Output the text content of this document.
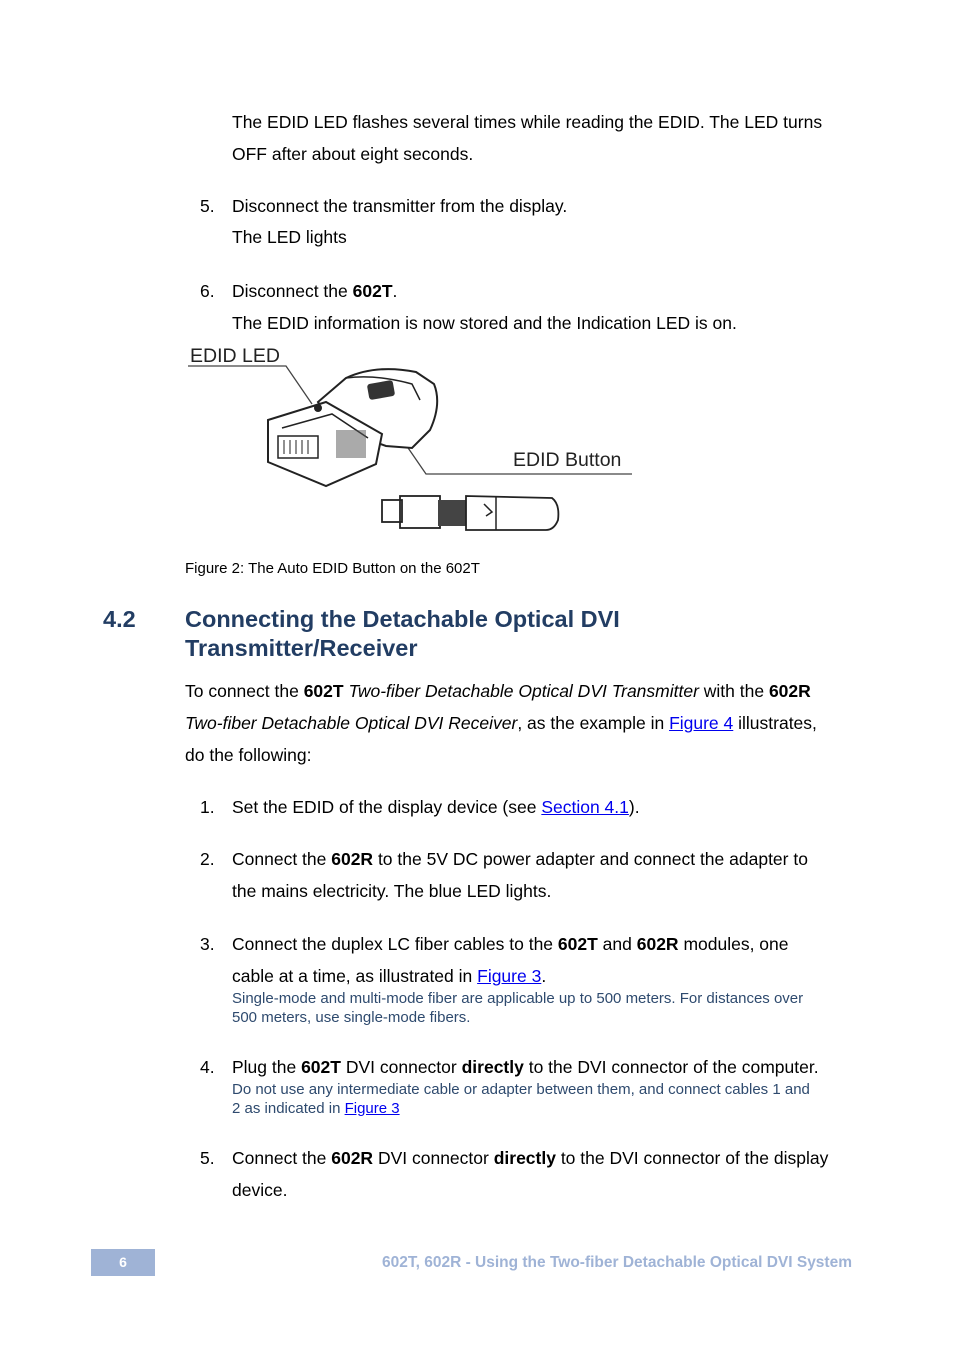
The EDID LED flashes several times while reading the EDID. The LED turns
OFF after about eight seconds.
5. Disconnect the transmitter from the display.
The LED lights
6. Disconnect the 602T.
The EDID information is now stored and the Indication LED is on.
EDID LED
EDID Button
Figure 2: The Auto EDID Button on the 602T
4.2 Connecting the Detachable Optical DVI
Transmitter/Receiver
To connect the 602T Two-fiber Detachable Optical DVI Transmitter with the 602R
Two-fiber Detachable Optical DVI Receiver, as the example in Figure 4 illustrates,
do the following:
1. Set the EDID of the display device (see Section 4.1).
2. Connect the 602R to the 5V DC power adapter and connect the adapter to
the mains electricity. The blue LED lights.
3. Connect the duplex LC fiber cables to the 602T and 602R modules, one
cable at a time, as illustrated in Figure 3.
Single-mode and multi-mode fiber are applicable up to 500 meters. For distances over
500 meters, use single-mode fibers.
4. Plug the 602T DVI connector directly to the DVI connector of the computer.
Do not use any intermediate cable or adapter between them, and connect cables 1 and
2 as indicated in Figure 3
5. Connect the 602R DVI connector directly to the DVI connector of the display
device.
6	602T, 602R - Using the Two-fiber Detachable Optical DVI System
